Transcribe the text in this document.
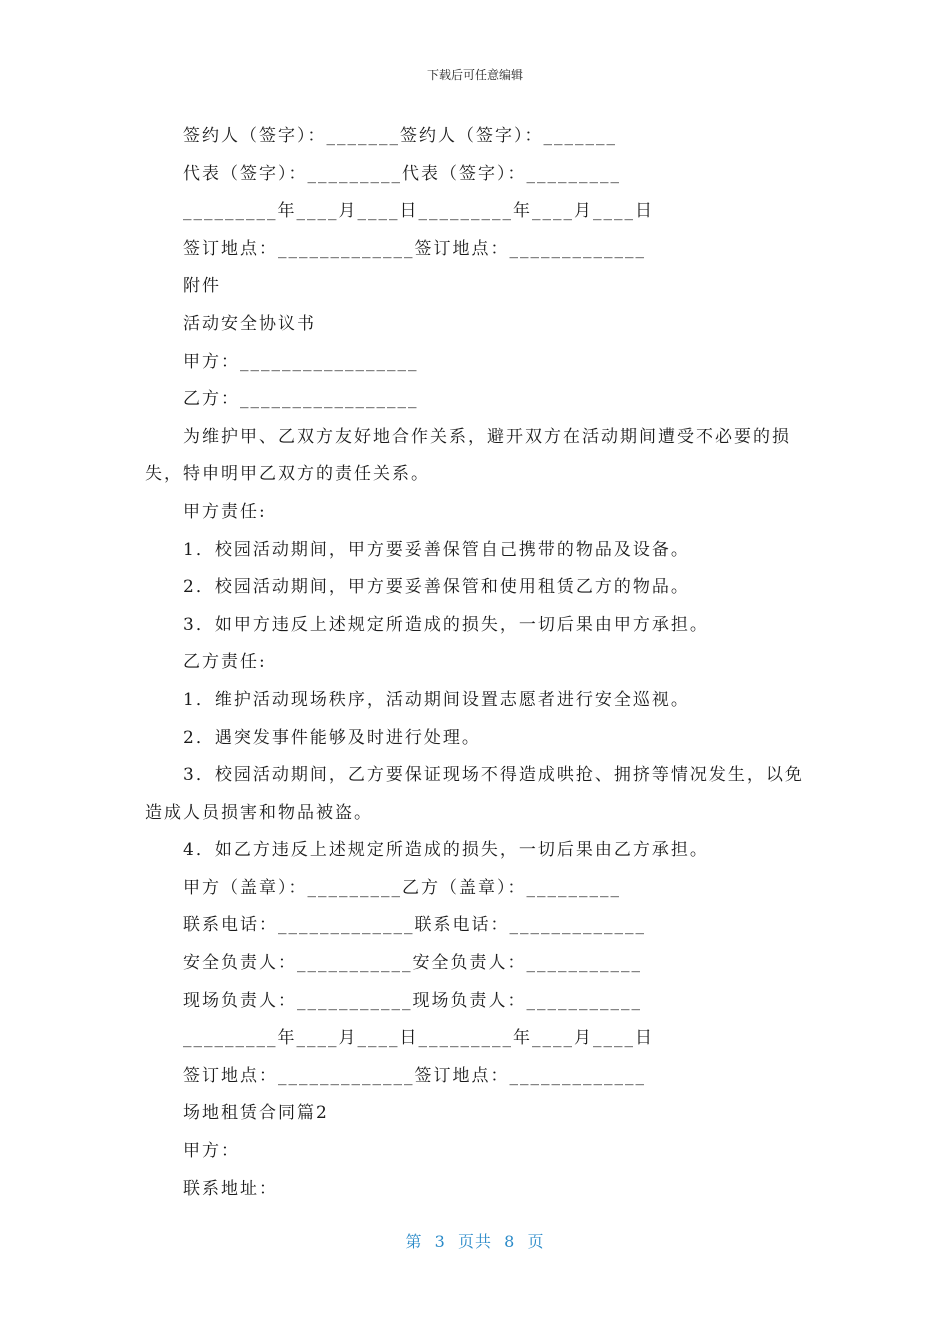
下载后可任意编辑
签约人（签字）：_______签约人（签字）：_______
代表（签字）：_________代表（签字）：_________
_________年____月____日_________年____月____日
签订地点：_____________签订地点：_____________
附件
活动安全协议书
甲方：_________________
乙方：_________________
为维护甲、乙双方友好地合作关系，避开双方在活动期间遭受不必要的损失，特申明甲乙双方的责任关系。
甲方责任:
1．校园活动期间，甲方要妥善保管自己携带的物品及设备。
2．校园活动期间，甲方要妥善保管和使用租赁乙方的物品。
3．如甲方违反上述规定所造成的损失，一切后果由甲方承担。
乙方责任:
1．维护活动现场秩序，活动期间设置志愿者进行安全巡视。
2．遇突发事件能够及时进行处理。
3．校园活动期间，乙方要保证现场不得造成哄抢、拥挤等情况发生，以免造成人员损害和物品被盗。
4．如乙方违反上述规定所造成的损失，一切后果由乙方承担。
甲方（盖章）：_________乙方（盖章）：_________
联系电话：_____________联系电话：_____________
安全负责人：___________安全负责人：___________
现场负责人：___________现场负责人：___________
_________年____月____日_________年____月____日
签订地点：_____________签订地点：_____________
场地租赁合同篇2
甲方：
联系地址：
第  3  页共  8  页
